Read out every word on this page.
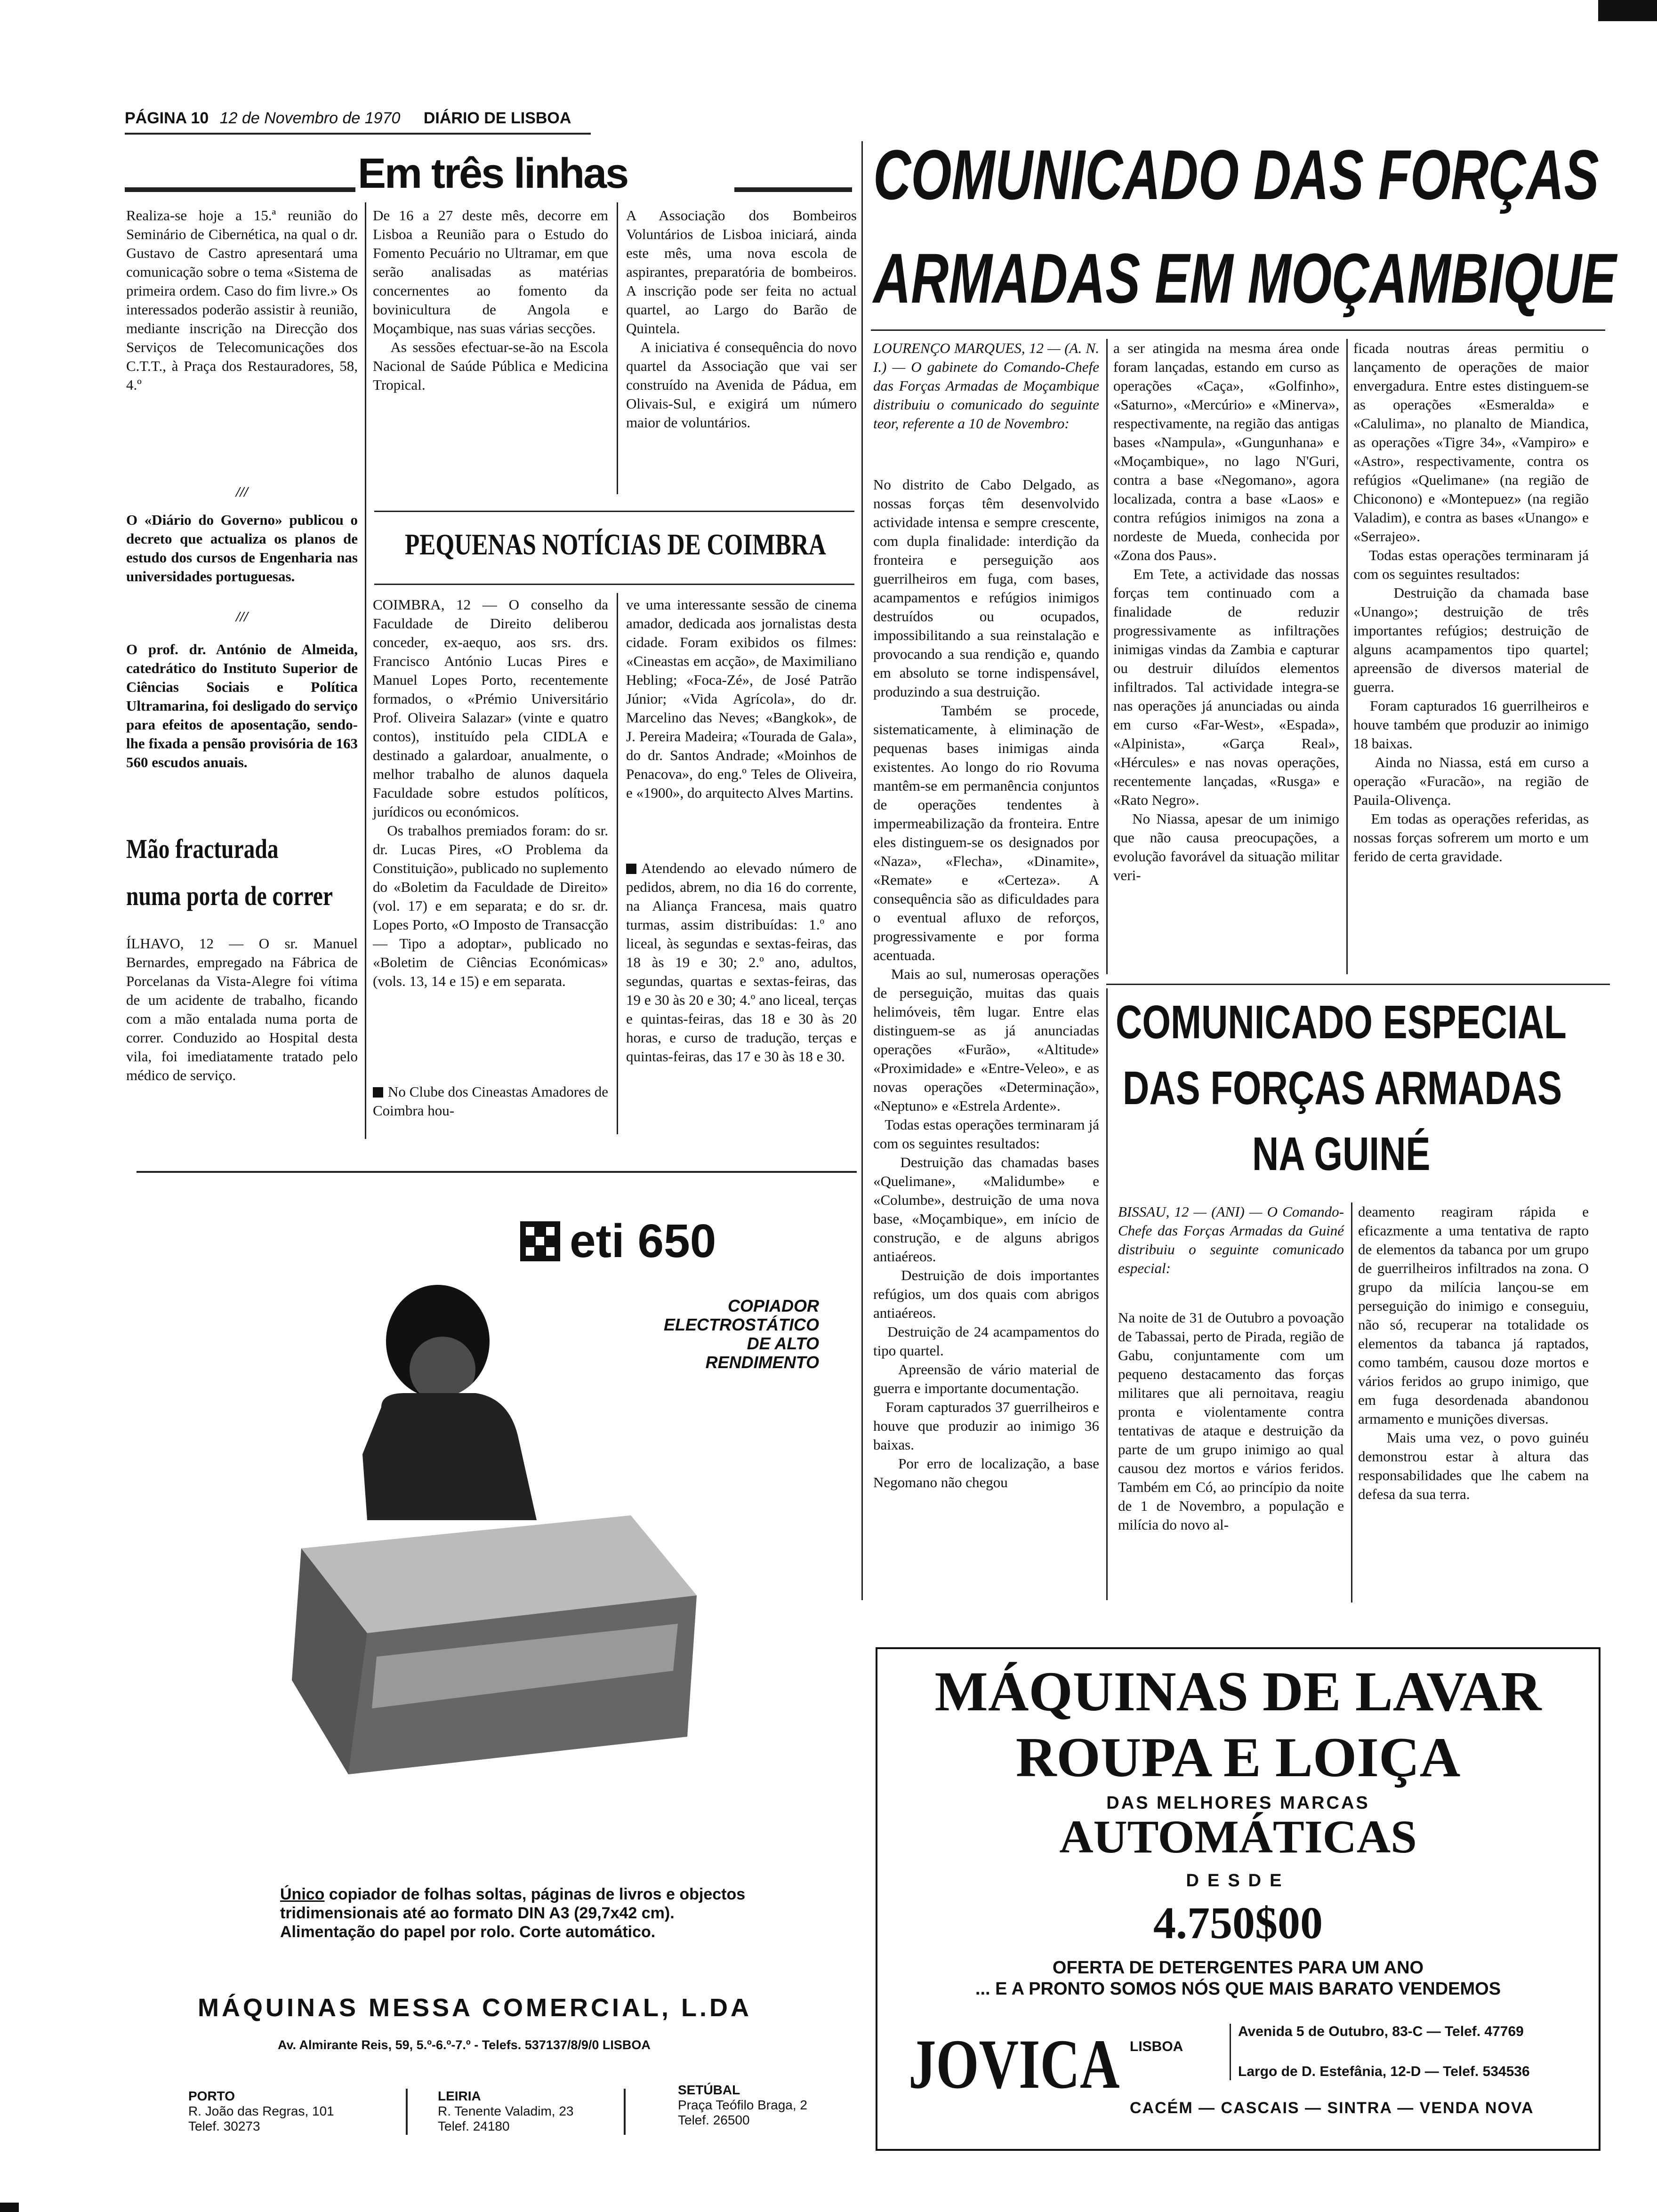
PÁGINA 10 12 de Novembro de 1970 DIÁRIO DE LISBOA
Em três linhas
Realiza-se hoje a 15.ª reunião do Seminário de Cibernética, na qual o dr. Gustavo de Castro apresentará uma comunicação sobre o tema «Sistema de primeira ordem. Caso do fim livre.» Os interessados poderão assistir à reunião, mediante inscrição na Direcção dos Serviços de Telecomunicações dos C.T.T., à Praça dos Restauradores, 58, 4.º
///
O «Diário do Governo» publicou o decreto que actualiza os planos de estudo dos cursos de Engenharia nas universidades portuguesas.
///
O prof. dr. António de Almeida, catedrático do Instituto Superior de Ciências Sociais e Política Ultramarina, foi desligado do serviço para efeitos de aposentação, sendo-lhe fixada a pensão provisória de 163 560 escudos anuais.
De 16 a 27 deste mês, decorre em Lisboa a Reunião para o Estudo do Fomento Pecuário no Ultramar, em que serão analisadas as matérias concernentes ao fomento da bovinicultura de Angola e Moçambique, nas suas várias secções.
As sessões efectuar-se-ão na Escola Nacional de Saúde Pública e Medicina Tropical.
A Associação dos Bombeiros Voluntários de Lisboa iniciará, ainda este mês, uma nova escola de aspirantes, preparatória de bombeiros. A inscrição pode ser feita no actual quartel, ao Largo do Barão de Quintela.
A iniciativa é consequência do novo quartel da Associação que vai ser construído na Avenida de Pádua, em Olivais-Sul, e exigirá um número maior de voluntários.
Mão fracturada
numa porta de correr
ÍLHAVO, 12 — O sr. Manuel Bernardes, empregado na Fábrica de Porcelanas da Vista-Alegre foi vítima de um acidente de trabalho, ficando com a mão entalada numa porta de correr. Conduzido ao Hospital desta vila, foi imediatamente tratado pelo médico de serviço.
PEQUENAS NOTÍCIAS DE COIMBRA
COIMBRA, 12 — O conselho da Faculdade de Direito deliberou conceder, ex-aequo, aos srs. drs. Francisco António Lucas Pires e Manuel Lopes Porto, recentemente formados, o «Prémio Universitário Prof. Oliveira Salazar» (vinte e quatro contos), instituído pela CIDLA e destinado a galardoar, anualmente, o melhor trabalho de alunos daquela Faculdade sobre estudos políticos, jurídicos ou económicos.
Os trabalhos premiados foram: do sr. dr. Lucas Pires, «O Problema da Constituição», publicado no suplemento do «Boletim da Faculdade de Direito» (vol. 17) e em separata; e do sr. dr. Lopes Porto, «O Imposto de Transacção — Tipo a adoptar», publicado no «Boletim de Ciências Económicas» (vols. 13, 14 e 15) e em separata.
No Clube dos Cineastas Amadores de Coimbra hou-
ve uma interessante sessão de cinema amador, dedicada aos jornalistas desta cidade. Foram exibidos os filmes: «Cineastas em acção», de Maximiliano Hebling; «Foca-Zé», de José Patrão Júnior; «Vida Agrícola», do dr. Marcelino das Neves; «Bangkok», de J. Pereira Madeira; «Tourada de Gala», do dr. Santos Andrade; «Moinhos de Penacova», do eng.º Teles de Oliveira, e «1900», do arquitecto Alves Martins.
Atendendo ao elevado número de pedidos, abrem, no dia 16 do corrente, na Aliança Francesa, mais quatro turmas, assim distribuídas: 1.º ano liceal, às segundas e sextas-feiras, das 18 às 19 e 30; 2.º ano, adultos, segundas, quartas e sextas-feiras, das 19 e 30 às 20 e 30; 4.º ano liceal, terças e quintas-feiras, das 18 e 30 às 20 horas, e curso de tradução, terças e quintas-feiras, das 17 e 30 às 18 e 30.
eti 650
COPIADOR
ELECTROSTÁTICO
DE ALTO
RENDIMENTO
Único copiador de folhas soltas, páginas de livros e objectos tridimensionais até ao formato DIN A3 (29,7x42 cm). Alimentação do papel por rolo. Corte automático.
MÁQUINAS MESSA COMERCIAL, L.DA
Av. Almirante Reis, 59, 5.º-6.º-7.º - Telefs. 537137/8/9/0 LISBOA
PORTO
R. João das Regras, 101
Telef. 30273
LEIRIA
R. Tenente Valadim, 23
Telef. 24180
SETÚBAL
Praça Teófilo Braga, 2
Telef. 26500
COMUNICADO DAS FORÇAS
ARMADAS EM MOÇAMBIQUE
LOURENÇO MARQUES, 12 — (A. N. I.) — O gabinete do Comando-Chefe das Forças Armadas de Moçambique distribuiu o comunicado do seguinte teor, referente a 10 de Novembro:
No distrito de Cabo Delgado, as nossas forças têm desenvolvido actividade intensa e sempre crescente, com dupla finalidade: interdição da fronteira e perseguição aos guerrilheiros em fuga, com bases, acampamentos e refúgios inimigos destruídos ou ocupados, impossibilitando a sua reinstalação e provocando a sua rendição e, quando em absoluto se torne indispensável, produzindo a sua destruição.
Também se procede, sistematicamente, à eliminação de pequenas bases inimigas ainda existentes. Ao longo do rio Rovuma mantêm-se em permanência conjuntos de operações tendentes à impermeabilização da fronteira. Entre eles distinguem-se os designados por «Naza», «Flecha», «Dinamite», «Remate» e «Certeza». A consequência são as dificuldades para o eventual afluxo de reforços, progressivamente e por forma acentuada.
Mais ao sul, numerosas operações de perseguição, muitas das quais helimóveis, têm lugar. Entre elas distinguem-se as já anunciadas operações «Furão», «Altitude» «Proximidade» e «Entre-Veleo», e as novas operações «Determinação», «Neptuno» e «Estrela Ardente».
Todas estas operações terminaram já com os seguintes resultados:
Destruição das chamadas bases «Quelimane», «Malidumbe» e «Columbe», destruição de uma nova base, «Moçambique», em início de construção, e de alguns abrigos antiaéreos.
Destruição de dois importantes refúgios, um dos quais com abrigos antiaéreos.
Destruição de 24 acampamentos do tipo quartel.
Apreensão de vário material de guerra e importante documentação.
Foram capturados 37 guerrilheiros e houve que produzir ao inimigo 36 baixas.
Por erro de localização, a base Negomano não chegou
a ser atingida na mesma área onde foram lançadas, estando em curso as operações «Caça», «Golfinho», «Saturno», «Mercúrio» e «Minerva», respectivamente, na região das antigas bases «Nampula», «Gungunhana» e «Moçambique», no lago N'Guri, contra a base «Negomano», agora localizada, contra a base «Laos» e contra refúgios inimigos na zona a nordeste de Mueda, conhecida por «Zona dos Paus».
Em Tete, a actividade das nossas forças tem continuado com a finalidade de reduzir progressivamente as infiltrações inimigas vindas da Zambia e capturar ou destruir diluídos elementos infiltrados. Tal actividade integra-se nas operações já anunciadas ou ainda em curso «Far-West», «Espada», «Alpinista», «Garça Real», «Hércules» e nas novas operações, recentemente lançadas, «Rusga» e «Rato Negro».
No Niassa, apesar de um inimigo que não causa preocupações, a evolução favorável da situação militar veri-
ficada noutras áreas permitiu o lançamento de operações de maior envergadura. Entre estes distinguem-se as operações «Esmeralda» e «Calulima», no planalto de Miandica, as operações «Tigre 34», «Vampiro» e «Astro», respectivamente, contra os refúgios «Quelimane» (na região de Chiconono) e «Montepuez» (na região Valadim), e contra as bases «Unango» e «Serrajeo».
Todas estas operações terminaram já com os seguintes resultados:
Destruição da chamada base «Unango»; destruição de três importantes refúgios; destruição de alguns acampamentos tipo quartel; apreensão de diversos material de guerra.
Foram capturados 16 guerrilheiros e houve também que produzir ao inimigo 18 baixas.
Ainda no Niassa, está em curso a operação «Furacão», na região de Pauila-Olivença.
Em todas as operações referidas, as nossas forças sofrerem um morto e um ferido de certa gravidade.
COMUNICADO ESPECIAL
DAS FORÇAS ARMADAS
NA GUINÉ
BISSAU, 12 — (ANI) — O Comando-Chefe das Forças Armadas da Guiné distribuiu o seguinte comunicado especial:
Na noite de 31 de Outubro a povoação de Tabassai, perto de Pirada, região de Gabu, conjuntamente com um pequeno destacamento das forças militares que ali pernoitava, reagiu pronta e violentamente contra tentativas de ataque e destruição da parte de um grupo inimigo ao qual causou dez mortos e vários feridos. Também em Có, ao princípio da noite de 1 de Novembro, a população e milícia do novo al-
deamento reagiram rápida e eficazmente a uma tentativa de rapto de elementos da tabanca por um grupo de guerrilheiros infiltrados na zona. O grupo da milícia lançou-se em perseguição do inimigo e conseguiu, não só, recuperar na totalidade os elementos da tabanca já raptados, como também, causou doze mortos e vários feridos ao grupo inimigo, que em fuga desordenada abandonou armamento e munições diversas.
Mais uma vez, o povo guinéu demonstrou estar à altura das responsabilidades que lhe cabem na defesa da sua terra.
MÁQUINAS DE LAVAR
ROUPA E LOIÇA
DAS MELHORES MARCAS
AUTOMÁTICAS
DESDE
4.750$00
OFERTA DE DETERGENTES PARA UM ANO
... E A PRONTO SOMOS NÓS QUE MAIS BARATO VENDEMOS
JOVICA LISBOA
Avenida 5 de Outubro, 83-C — Telef. 47769
Largo de D. Estefânia, 12-D — Telef. 534536
CACÉM — CASCAIS — SINTRA — VENDA NOVA
